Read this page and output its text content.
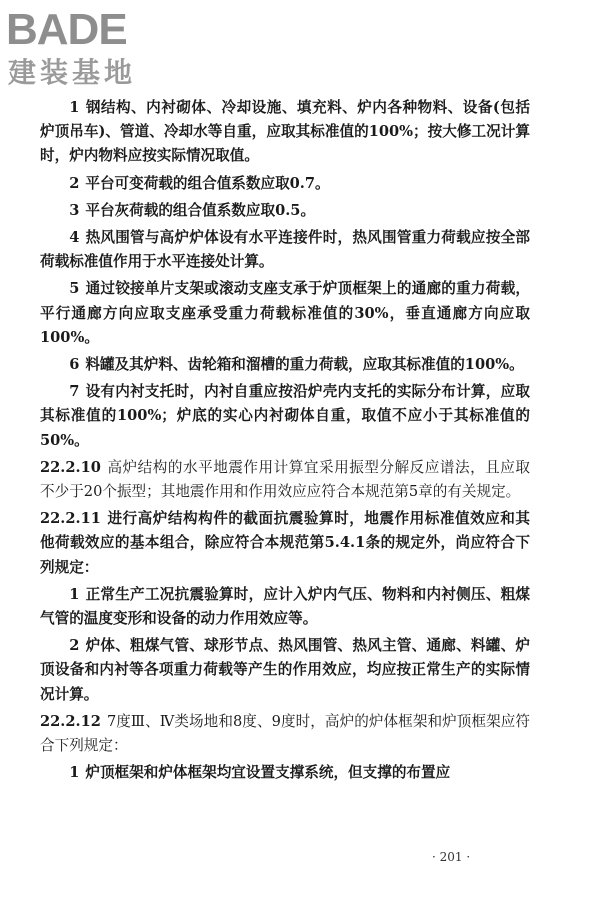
BADE
建装基地

1 钢结构、内衬砌体、冷却设施、填充料、炉内各种物料、设备(包括炉顶吊车)、管道、冷却水等自重，应取其标准值的100%；按大修工况计算时，炉内物料应按实际情况取值。

2 平台可变荷载的组合值系数应取0.7。

3 平台灰荷载的组合值系数应取0.5。

4 热风围管与高炉炉体设有水平连接件时，热风围管重力荷载应按全部荷载标准值作用于水平连接处计算。

5 通过铰接单片支架或滚动支座支承于炉顶框架上的通廊的重力荷载，平行通廊方向应取支座承受重力荷载标准值的30%，垂直通廊方向应取100%。

6 料罐及其炉料、齿轮箱和溜槽的重力荷载，应取其标准值的100%。

7 设有内衬支托时，内衬自重应按沿炉壳内支托的实际分布计算，应取其标准值的100%；炉底的实心内衬砌体自重，取值不应小于其标准值的50%。

22.2.10 高炉结构的水平地震作用计算宜采用振型分解反应谱法，且应取不少于20个振型；其地震作用和作用效应应符合本规范第5章的有关规定。

22.2.11 进行高炉结构构件的截面抗震验算时，地震作用标准值效应和其他荷载效应的基本组合，除应符合本规范第5.4.1条的规定外，尚应符合下列规定：

1 正常生产工况抗震验算时，应计入炉内气压、物料和内衬侧压、粗煤气管的温度变形和设备的动力作用效应等。

2 炉体、粗煤气管、球形节点、热风围管、热风主管、通廊、料罐、炉顶设备和内衬等各项重力荷载等产生的作用效应，均应按正常生产的实际情况计算。

22.2.12 7度Ⅲ、Ⅳ类场地和8度、9度时，高炉的炉体框架和炉顶框架应符合下列规定：

1 炉顶框架和炉体框架均宜设置支撑系统，但支撑的布置应

· 201 ·
